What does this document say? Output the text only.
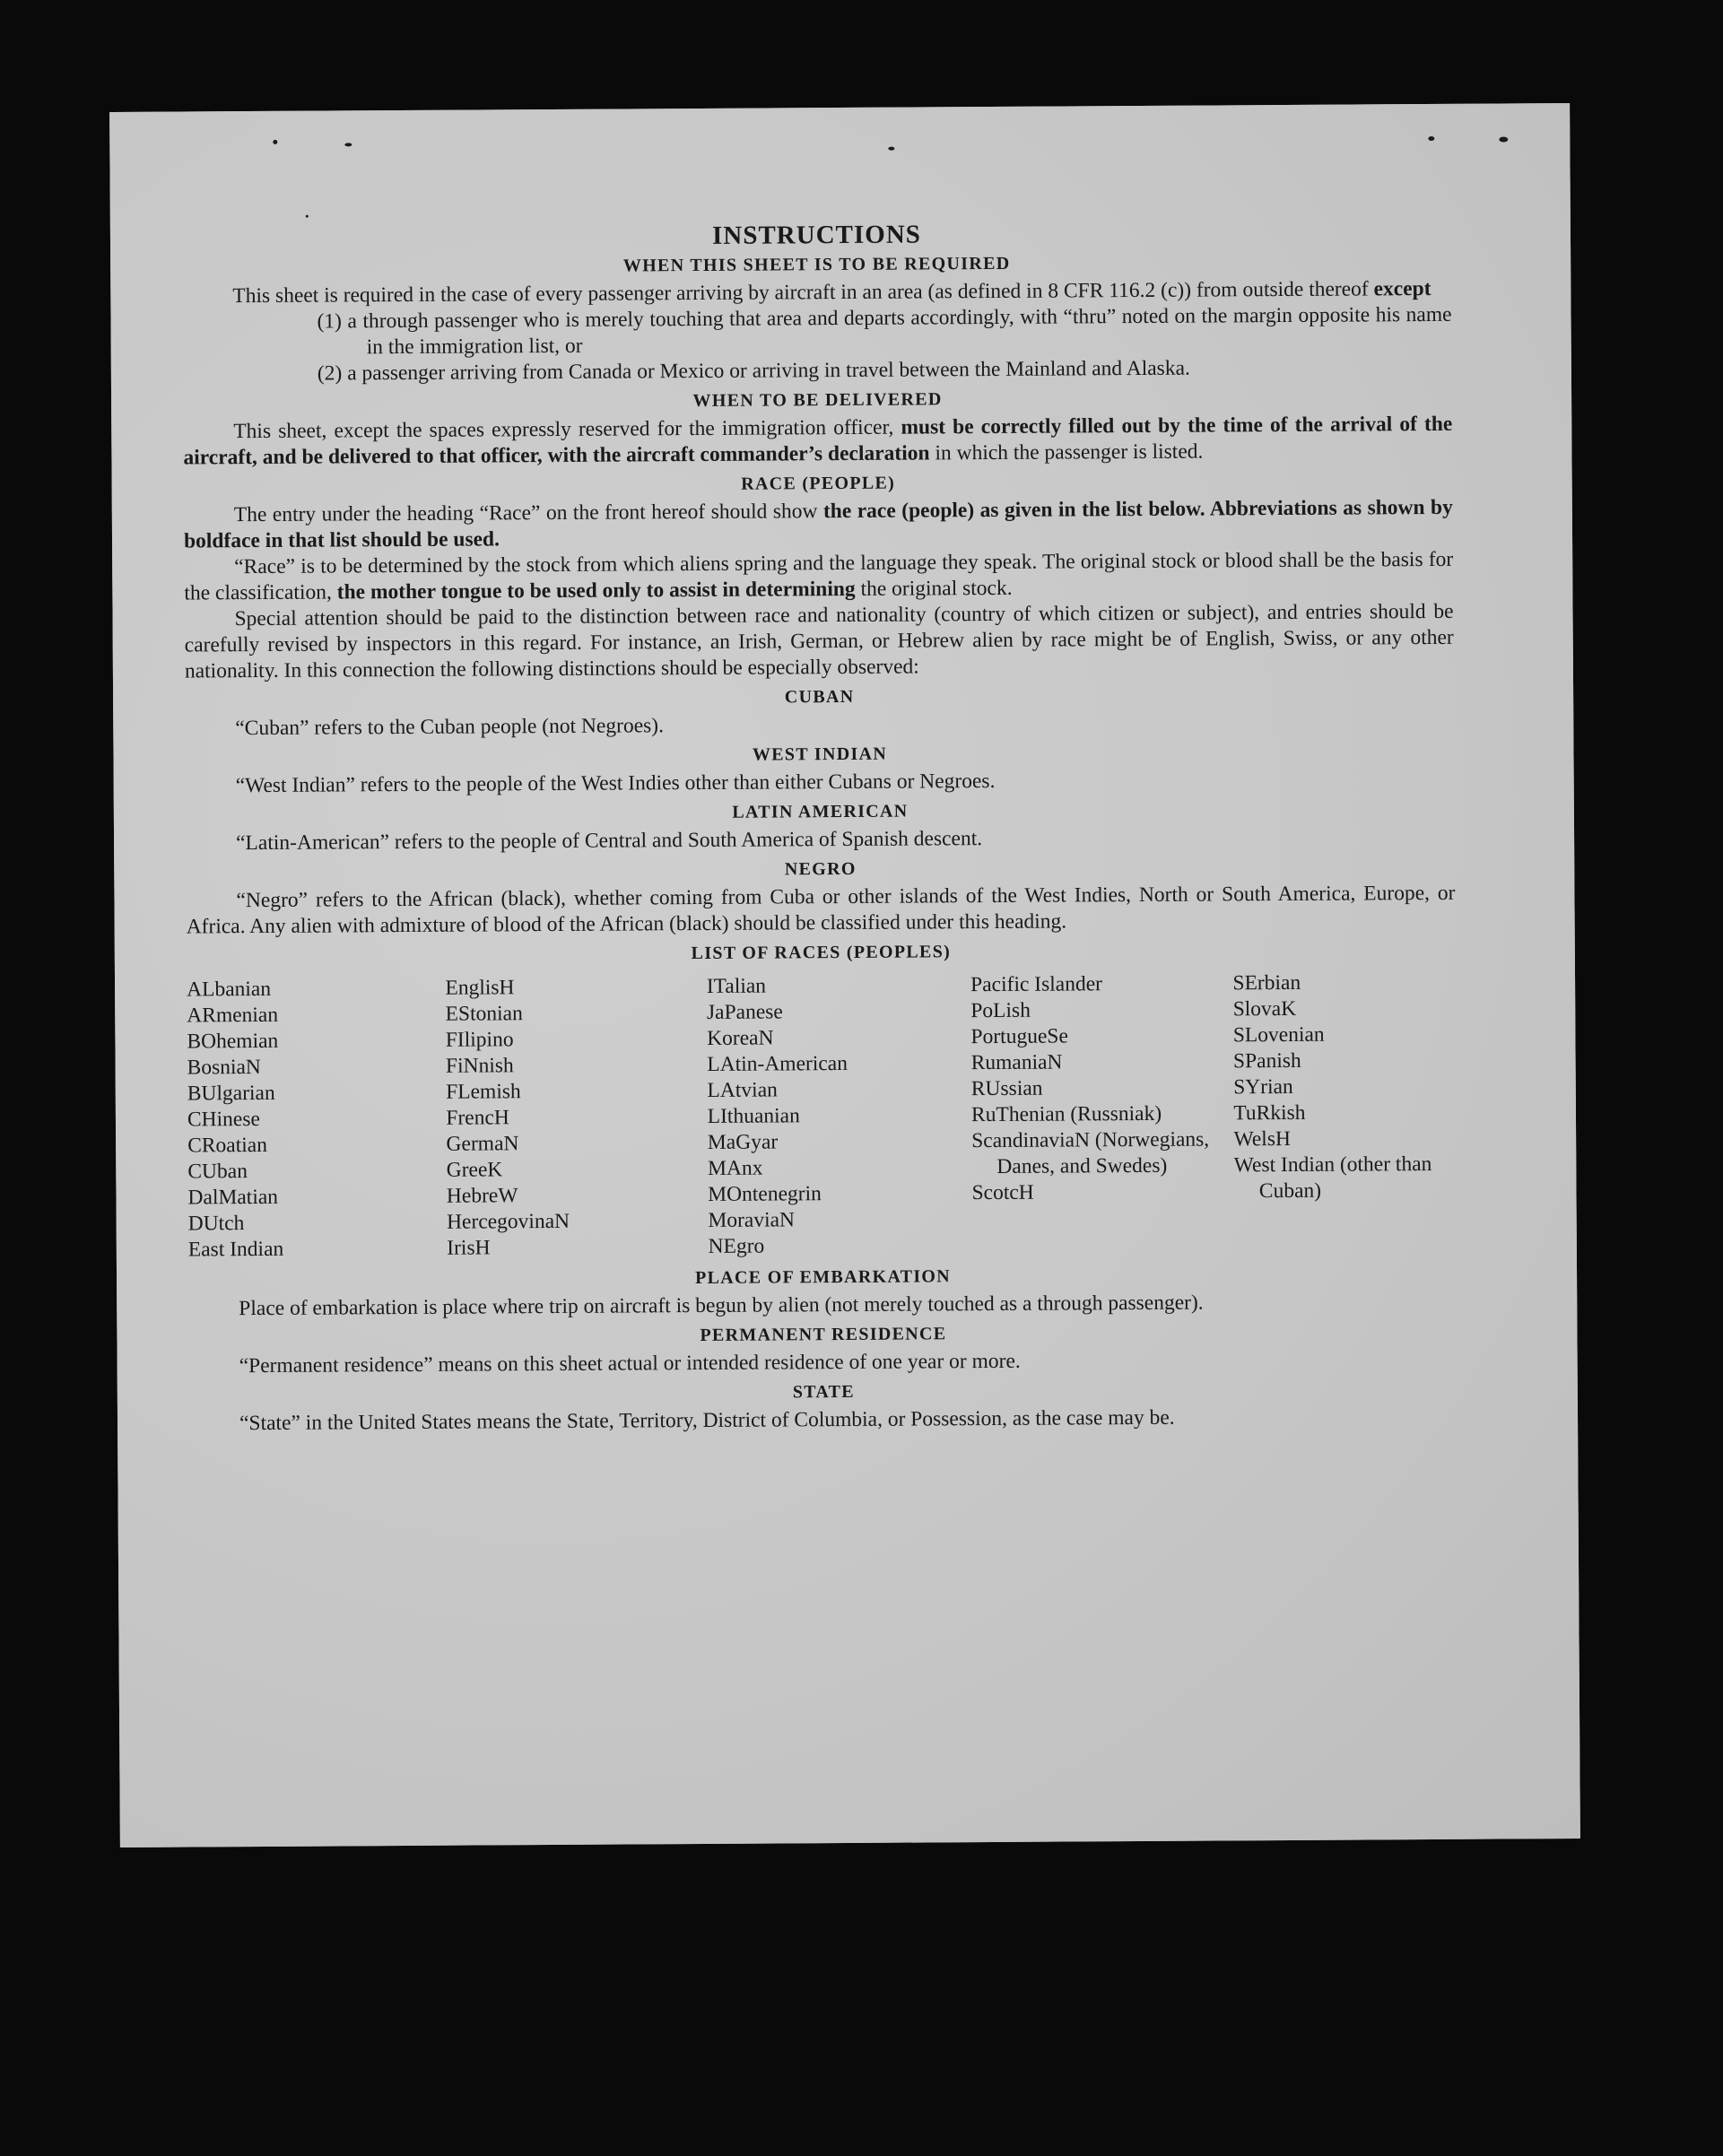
INSTRUCTIONS
WHEN THIS SHEET IS TO BE REQUIRED

This sheet is required in the case of every passenger arriving by aircraft in an area (as defined in 8 CFR 116.2 (c)) from outside thereof except

(1) a through passenger who is merely touching that area and departs accordingly, with “thru” noted on the margin opposite his name in the immigration list, or

(2) a passenger arriving from Canada or Mexico or arriving in travel between the Mainland and Alaska.

WHEN TO BE DELIVERED

This sheet, except the spaces expressly reserved for the immigration officer, must be correctly filled out by the time of the arrival of the aircraft, and be delivered to that officer, with the aircraft commander’s declaration in which the passenger is listed.

RACE (PEOPLE)

The entry under the heading “Race” on the front hereof should show the race (people) as given in the list below. Abbreviations as shown by boldface in that list should be used.

“Race” is to be determined by the stock from which aliens spring and the language they speak. The original stock or blood shall be the basis for the classification, the mother tongue to be used only to assist in determining the original stock.

Special attention should be paid to the distinction between race and nationality (country of which citizen or subject), and entries should be carefully revised by inspectors in this regard. For instance, an Irish, German, or Hebrew alien by race might be of English, Swiss, or any other nationality. In this connection the following distinctions should be especially observed:

CUBAN

“Cuban” refers to the Cuban people (not Negroes).

WEST INDIAN

“West Indian” refers to the people of the West Indies other than either Cubans or Negroes.

LATIN AMERICAN

“Latin-American” refers to the people of Central and South America of Spanish descent.

NEGRO

“Negro” refers to the African (black), whether coming from Cuba or other islands of the West Indies, North or South America, Europe, or Africa. Any alien with admixture of blood of the African (black) should be classified under this heading.

LIST OF RACES (PEOPLES)
ALbanian
ARmenian
BOhemian
BosniaN
BUlgarian
CHinese
CRoatian
CUban
DalMatian
DUtch
East Indian
EnglisH
EStonian
FIlipino
FiNnish
FLemish
FrencH
GermaN
GreeK
HebreW
HercegovinaN
IrisH
ITalian
JaPanese
KoreaN
LAtin-American
LAtvian
LIthuanian
MaGyar
MAnx
MOntenegrin
MoraviaN
NEgro
Pacific Islander
PoLish
PortugueSe
RumaniaN
RUssian
RuThenian (Russniak)
ScandinaviaN (Norwegians, Danes, and Swedes)
ScotcH
SErbian
SlovaK
SLovenian
SPanish
SYrian
TuRkish
WelsH
West Indian (other than Cuban)
PLACE OF EMBARKATION

Place of embarkation is place where trip on aircraft is begun by alien (not merely touched as a through passenger).

PERMANENT RESIDENCE

“Permanent residence” means on this sheet actual or intended residence of one year or more.

STATE

“State” in the United States means the State, Territory, District of Columbia, or Possession, as the case may be.
